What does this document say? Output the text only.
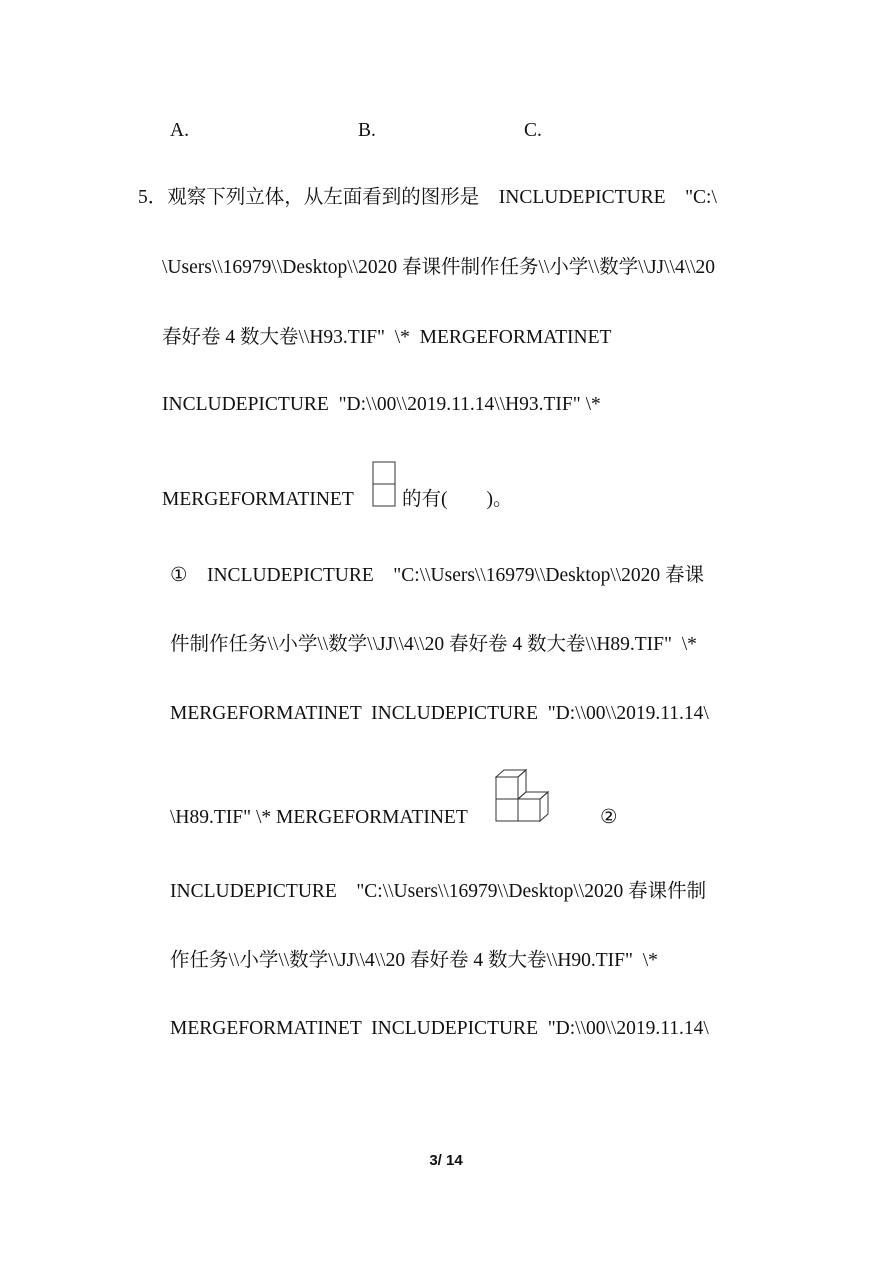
A.	B.	C.
5．观察下列立体，从左面看到的图形是　INCLUDEPICTURE　"C:\
\Users\\16979\\Desktop\\2020 春课件制作任务\\小学\\数学\\JJ\\4\\20
春好卷 4 数大卷\\H93.TIF"  \*  MERGEFORMATINET
INCLUDEPICTURE  "D:\\00\\2019.11.14\\H93.TIF" \*
MERGEFORMATINET 的有(　　)。
①　INCLUDEPICTURE　"C:\\Users\\16979\\Desktop\\2020 春课
件制作任务\\小学\\数学\\JJ\\4\\20 春好卷 4 数大卷\\H89.TIF"  \*
MERGEFORMATINET  INCLUDEPICTURE  "D:\\00\\2019.11.14\
\H89.TIF" \* MERGEFORMATINET	②
INCLUDEPICTURE　"C:\\Users\\16979\\Desktop\\2020 春课件制
作任务\\小学\\数学\\JJ\\4\\20 春好卷 4 数大卷\\H90.TIF"  \*
MERGEFORMATINET  INCLUDEPICTURE  "D:\\00\\2019.11.14\
3/ 14
